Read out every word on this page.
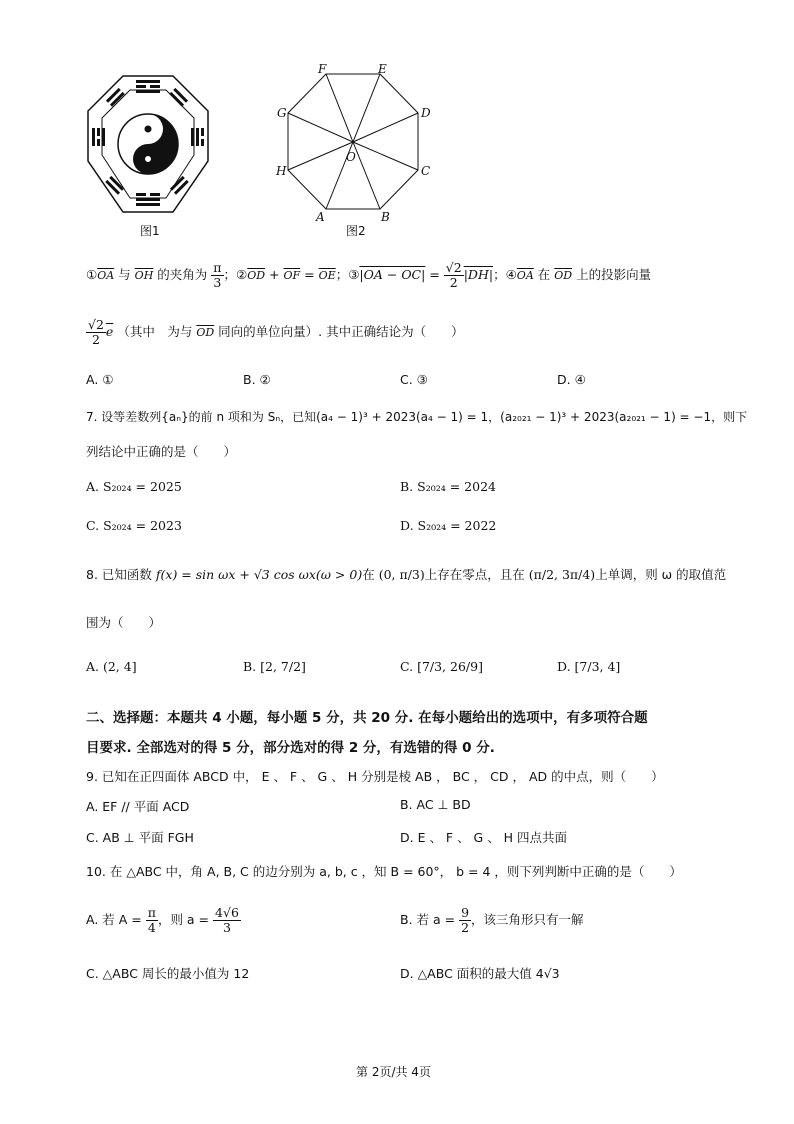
图1
F	E
G	D
O
H	C
A	B
图2
$①\overline{OA}$ 与 $\overline{OH}$ 的夹角为 $\frac{\pi}{3}$ ；$②\overline{OD} + \overline{OF} = \overline{OE}$；③|OA − $OC| = \frac{√2}{2} |DH|$；$④\overline{OA}$ 在 $\overline{OD}$ 上的投影向量
$\frac{√2}{2} \overline{e}$ （其中　为与 $\overline{OD}$ 同向的单位向量）. 其中正确结论为（　　）
A. ①	B. ②	C. ③	D. ④
7. 设等差数列{aₙ}的前 n 项和为 Sₙ，已知(a₄ − 1)³ + 2023(a₄ − 1) = 1，(a₂₀₂₁ − 1)³ + 2023(a₂₀₂₁ − 1) = −1，则下
列结论中正确的是（　　）
A. S₂₀₂₄ = 2025	B. S₂₀₂₄ = 2024
C. S₂₀₂₄ = 2023	D. S₂₀₂₄ = 2022
8. 已知函数 f(x) = sin ωx + √3 cos ωx(ω > 0)在 (0, π/3)上存在零点，且在 (π/2, 3π/4)上单调，则 ω 的取值范
围为（　　）
A. (2, 4]	B. [2, 7/2]	C. [7/3, 26/9]	D. [7/3, 4]
二、选择题：本题共 4 小题，每小题 5 分，共 20 分. 在每小题给出的选项中，有多项符合题
目要求. 全部选对的得 5 分，部分选对的得 2 分，有选错的得 0 分.
9. 已知在正四面体 ABCD 中， E 、 F 、 G 、 H 分别是棱 AB ， BC ， CD ， AD 的中点，则（　　）
A. EF // 平面 ACD	B. AC ⊥ BD
C. AB ⊥ 平面 FGH	D. E 、 F 、 G 、 H 四点共面
10. 在 △ABC 中，角 A, B, C 的边分别为 a, b, c ，知 B = 60°， b = 4 ，则下列判断中正确的是（　　）
A. 若 $A = \frac{\pi}{4}$ ，则 $a = \frac{4√6}{3}$	B. 若 $a = \frac{9}{2}$ ，该三角形只有一解
C. △ABC 周长的最小值为 12	D. △ABC 面积的最大值 4√3
第 2页/共 4页
